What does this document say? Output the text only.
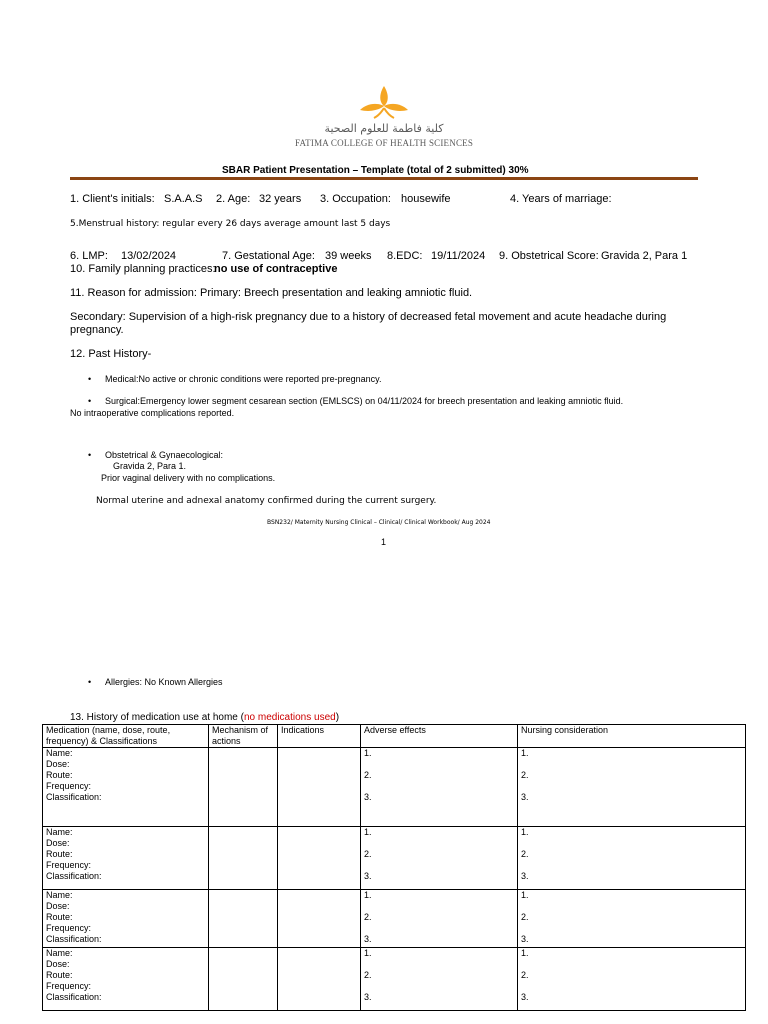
كلية فاطمة للعلوم الصحية
FATIMA COLLEGE OF HEALTH SCIENCES
SBAR Patient Presentation – Template (total of 2 submitted) 30%
1. Client's initials: S.A.A.S 2. Age: 32 years 3. Occupation: housewife	4. Years of marriage:
5.Menstrual history: regular every 26 days average amount last 5 days
6. LMP: 13/02/2024	7. Gestational Age: 39 weeks 8.EDC: 19/11/2024 9. Obstetrical Score: Gravida 2, Para 1
10. Family planning practices:
no use of contraceptive
11. Reason for admission: Primary: Breech presentation and leaking amniotic fluid.
Secondary: Supervision of a high-risk pregnancy due to a history of decreased fetal movement and acute headache during
pregnancy.
12. Past History-
• Medical:No active or chronic conditions were reported pre-pregnancy.
• Surgical:Emergency lower segment cesarean section (EMLSCS) on 04/11/2024 for breech presentation and leaking amniotic fluid.
No intraoperative complications reported.
• Obstetrical & Gynaecological:
Gravida 2, Para 1.
Prior vaginal delivery with no complications.
Normal uterine and adnexal anatomy confirmed during the current surgery.
BSN232/ Maternity Nursing Clinical – Clinical/ Clinical Workbook/ Aug 2024
1
• Allergies: No Known Allergies
13. History of medication use at home (no medications used)
Medication (name, dose, route, frequency) & Classifications	Mechanism of actions	Indications	Adverse effects	Nursing consideration

Name:
Dose:
Route:
Frequency:
Classification:			1.
2.
3.	1.
2.
3.

Name:
Dose:
Route:
Frequency:
Classification:			1.
2.
3.	1.
2.
3.

Name:
Dose:
Route:
Frequency:
Classification:			1.
2.
3.	1.
2.
3.

Name:
Dose:
Route:
Frequency:
Classification:			1.
2.
3.	1.
2.
3.
